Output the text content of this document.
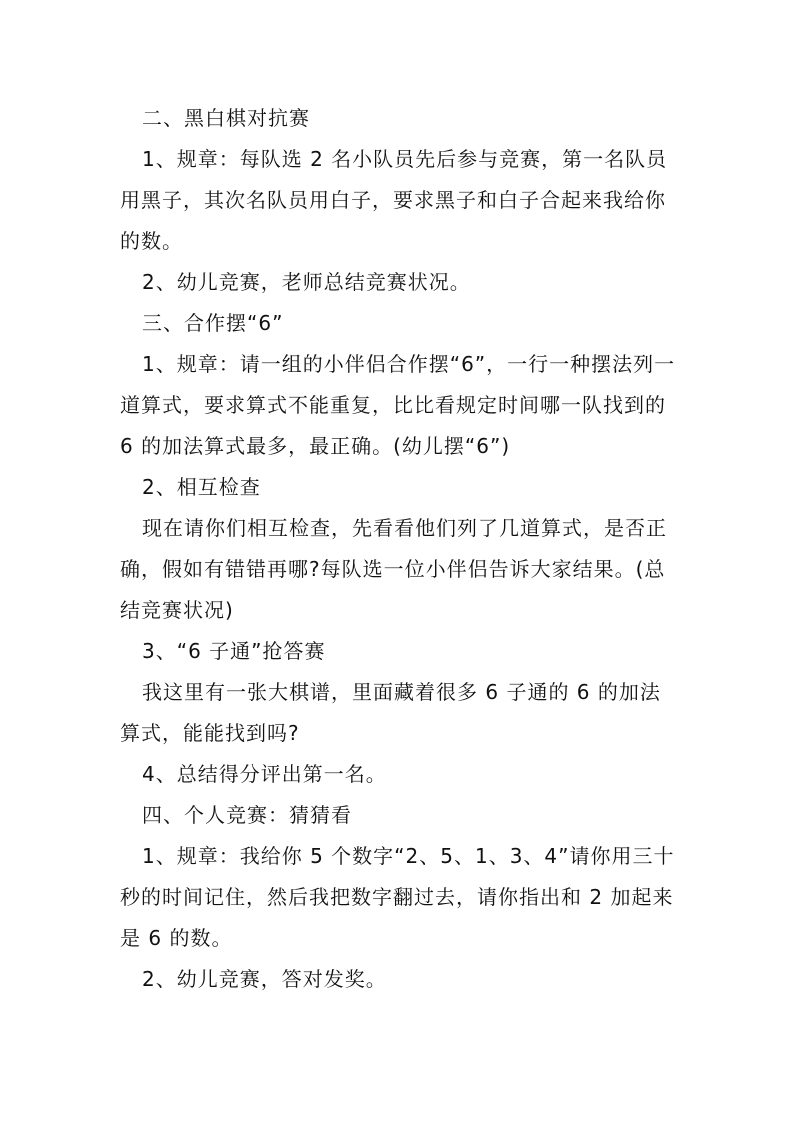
二、黑白棋对抗赛

1、规章：每队选 2 名小队员先后参与竞赛，第一名队员用黑子，其次名队员用白子，要求黑子和白子合起来我给你的数。

2、幼儿竞赛，老师总结竞赛状况。

三、合作摆“6”

1、规章：请一组的小伴侣合作摆“6”，一行一种摆法列一道算式，要求算式不能重复，比比看规定时间哪一队找到的 6 的加法算式最多，最正确。(幼儿摆“6”)

2、相互检查

现在请你们相互检查，先看看他们列了几道算式，是否正确，假如有错错再哪?每队选一位小伴侣告诉大家结果。(总结竞赛状况)

3、“6 子通”抢答赛

我这里有一张大棋谱，里面藏着很多 6 子通的 6 的加法算式，能能找到吗?

4、总结得分评出第一名。

四、个人竞赛：猜猜看

1、规章：我给你 5 个数字“2、5、1、3、4”请你用三十秒的时间记住，然后我把数字翻过去，请你指出和 2 加起来是 6 的数。

2、幼儿竞赛，答对发奖。
